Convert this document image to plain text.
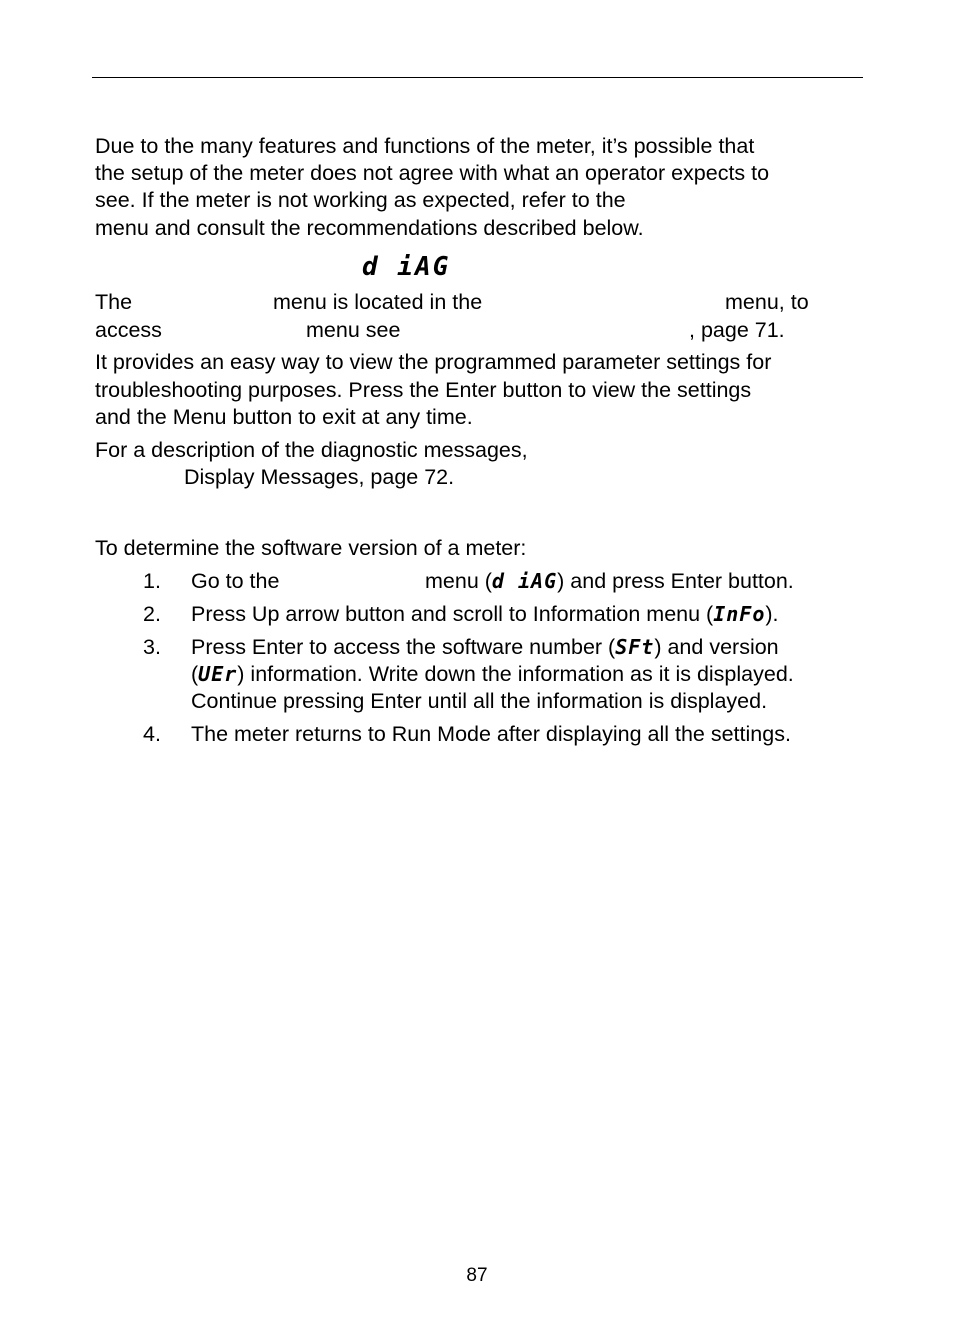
Due to the many features and functions of the meter, it’s possible that
the setup of the meter does not agree with what an operator expects to
see. If the meter is not working as expected, refer to the
menu and consult the recommendations described below.
d iAG
The	menu is located in the	menu, to
access	menu see	, page 71.
It provides an easy way to view the programmed parameter settings for
troubleshooting purposes. Press the Enter button to view the settings
and the Menu button to exit at any time.
For a description of the diagnostic messages,
Display Messages, page 72.
To determine the software version of a meter:
1. Go to the	menu (d iAG) and press Enter button.
2. Press Up arrow button and scroll to Information menu (InFo).
3. Press Enter to access the software number (SFt) and version
(UEr) information. Write down the information as it is displayed.
Continue pressing Enter until all the information is displayed.
4. The meter returns to Run Mode after displaying all the settings.
87
